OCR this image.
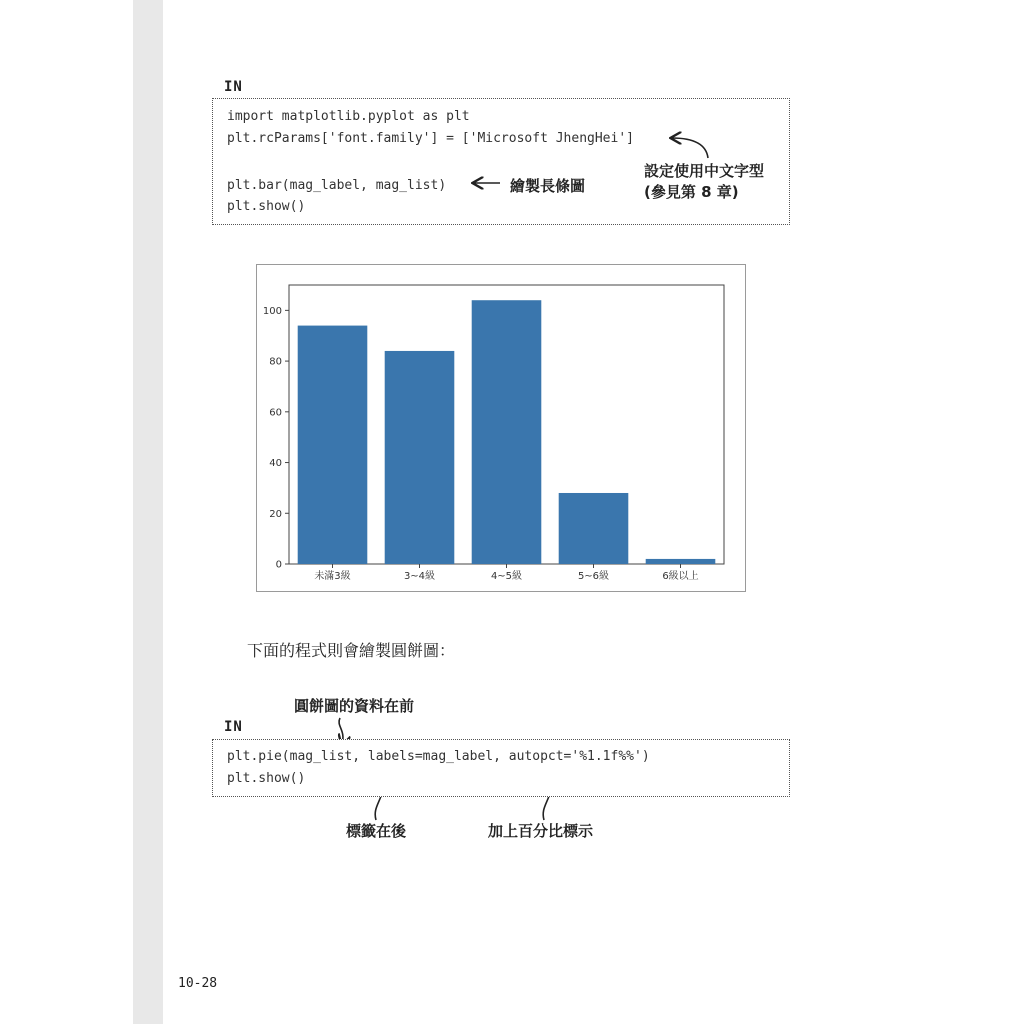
IN
import matplotlib.pyplot as plt
plt.rcParams['font.family'] = ['Microsoft JhengHei']
plt.bar(mag_label, mag_list)
plt.show()
設定使用中文字型
(參見第 8 章)
繪製長條圖
0
20
40
60
80
100
未滿3級	3~4級	4~5級	5~6級	6級以上
下面的程式則會繪製圓餅圖：
圓餅圖的資料在前
IN
plt.pie(mag_list, labels=mag_label, autopct='%1.1f%%')
plt.show()
標籤在後	加上百分比標示
10-28
